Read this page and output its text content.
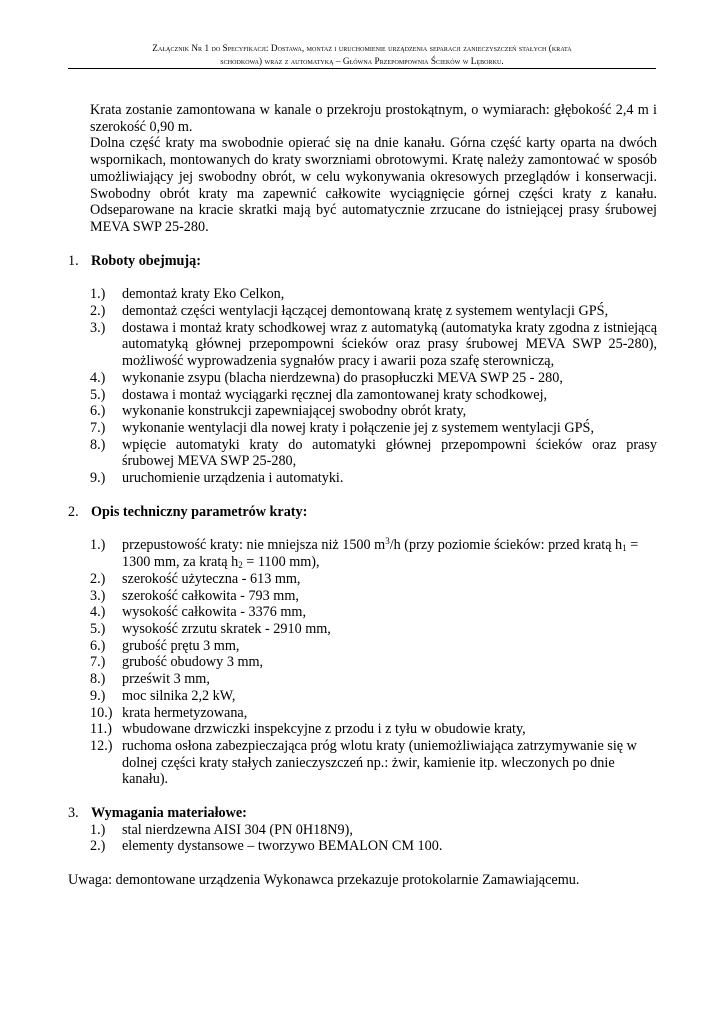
Załącznik Nr 1 do Specyfikacji: Dostawa, montaż i uruchomienie urządzenia separacji zanieczyszczeń stałych (krata
schodkowa) wraz z automatyką – Główna Przepompownia Ścieków w Lęborku.

Krata zostanie zamontowana w kanale o przekroju prostokątnym, o wymiarach: głębokość 2,4 m i szerokość 0,90 m.

Dolna część kraty ma swobodnie opierać się na dnie kanału. Górna część karty oparta na dwóch wspornikach, montowanych do kraty sworzniami obrotowymi. Kratę należy zamontować w sposób umożliwiający jej swobodny obrót, w celu wykonywania okresowych przeglądów i konserwacji. Swobodny obrót kraty ma zapewnić całkowite wyciągnięcie górnej części kraty z kanału. Odseparowane na kracie skratki mają być automatycznie zrzucane do istniejącej prasy śrubowej MEVA SWP 25-280.

1. Roboty obejmują:
1.)	demontaż kraty Eko Celkon,
2.)	demontaż części wentylacji łączącej demontowaną kratę z systemem wentylacji GPŚ,
3.)	dostawa i montaż kraty schodkowej wraz z automatyką (automatyka kraty zgodna z istniejącą automatyką głównej przepompowni ścieków oraz prasy śrubowej MEVA SWP 25-280), możliwość wyprowadzenia sygnałów pracy i awarii poza szafę sterowniczą,
4.)	wykonanie zsypu (blacha nierdzewna) do prasopłuczki MEVA SWP 25 - 280,
5.)	dostawa i montaż wyciągarki ręcznej dla zamontowanej kraty schodkowej,
6.)	wykonanie konstrukcji zapewniającej swobodny obrót kraty,
7.)	wykonanie wentylacji dla nowej kraty i połączenie jej z systemem wentylacji GPŚ,
8.)	wpięcie automatyki kraty do automatyki głównej przepompowni ścieków oraz prasy śrubowej MEVA SWP 25-280,
9.)	uruchomienie urządzenia i automatyki.
2. Opis techniczny parametrów kraty:
1.)	przepustowość kraty: nie mniejsza niż 1500 $m^3/h$ (przy poziomie ścieków: przed kratą $h_1 = 1300$ mm, za kratą $h_2 = 1100$ mm),
2.)	szerokość użyteczna - 613 mm,
3.)	szerokość całkowita - 793 mm,
4.)	wysokość całkowita - 3376 mm,
5.)	wysokość zrzutu skratek - 2910 mm,
6.)	grubość prętu 3 mm,
7.)	grubość obudowy 3 mm,
8.)	prześwit 3 mm,
9.)	moc silnika 2,2 kW,
10.) krata hermetyzowana,
11.) wbudowane drzwiczki inspekcyjne z przodu i z tyłu w obudowie kraty,
12.) ruchoma osłona zabezpieczająca próg wlotu kraty (uniemożliwiająca zatrzymywanie się w dolnej części kraty stałych zanieczyszczeń np.: żwir, kamienie itp. wleczonych po dnie kanału).
3. Wymagania materiałowe:
1.)	stal nierdzewna AISI 304 (PN 0H18N9),
2.)	elementy dystansowe – tworzywo BEMALON CM 100.
Uwaga: demontowane urządzenia Wykonawca przekazuje protokolarnie Zamawiającemu.
